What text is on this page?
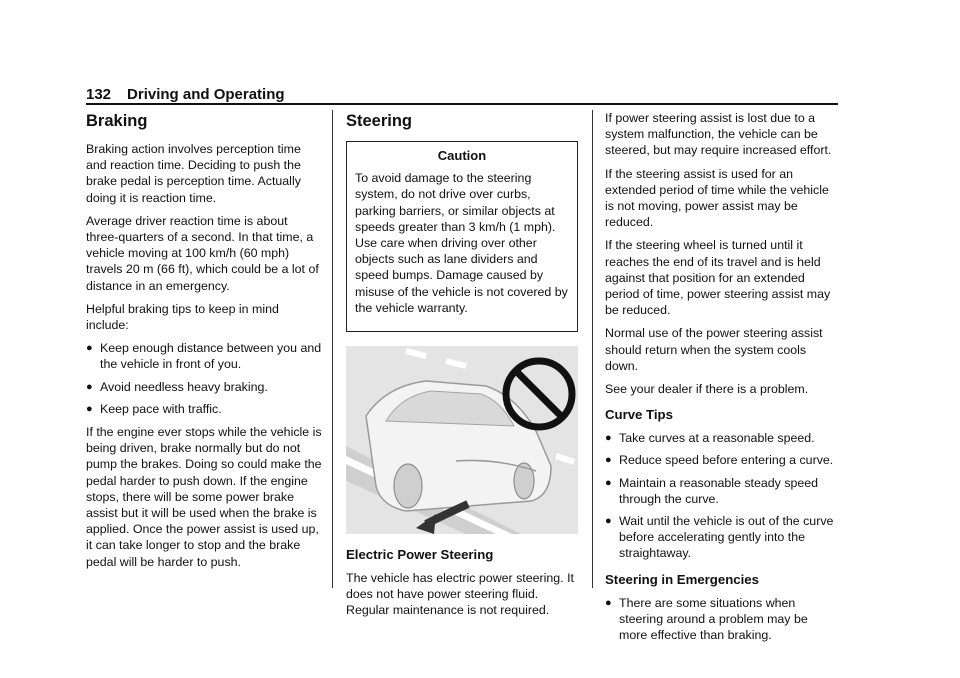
132 Driving and Operating
Braking

Braking action involves perception time and reaction time. Deciding to push the brake pedal is perception time. Actually doing it is reaction time.

Average driver reaction time is about three-quarters of a second. In that time, a vehicle moving at 100 km/h (60 mph) travels 20 m (66 ft), which could be a lot of distance in an emergency.

Helpful braking tips to keep in mind include:

● Keep enough distance between you and the vehicle in front of you.
● Avoid needless heavy braking.
● Keep pace with traffic.

If the engine ever stops while the vehicle is being driven, brake normally but do not pump the brakes. Doing so could make the pedal harder to push down. If the engine stops, there will be some power brake assist but it will be used when the brake is applied. Once the power assist is used up, it can take longer to stop and the brake pedal will be harder to push.

Steering
Caution

To avoid damage to the steering system, do not drive over curbs, parking barriers, or similar objects at speeds greater than 3 km/h (1 mph). Use care when driving over other objects such as lane dividers and speed bumps. Damage caused by misuse of the vehicle is not covered by the vehicle warranty.

Electric Power Steering

The vehicle has electric power steering. It does not have power steering fluid. Regular maintenance is not required.

If power steering assist is lost due to a system malfunction, the vehicle can be steered, but may require increased effort.

If the steering assist is used for an extended period of time while the vehicle is not moving, power assist may be reduced.

If the steering wheel is turned until it reaches the end of its travel and is held against that position for an extended period of time, power steering assist may be reduced.

Normal use of the power steering assist should return when the system cools down.

See your dealer if there is a problem.

Curve Tips
● Take curves at a reasonable speed.
● Reduce speed before entering a curve.
● Maintain a reasonable steady speed through the curve.
● Wait until the vehicle is out of the curve before accelerating gently into the straightaway.
Steering in Emergencies
● There are some situations when steering around a problem may be more effective than braking.
